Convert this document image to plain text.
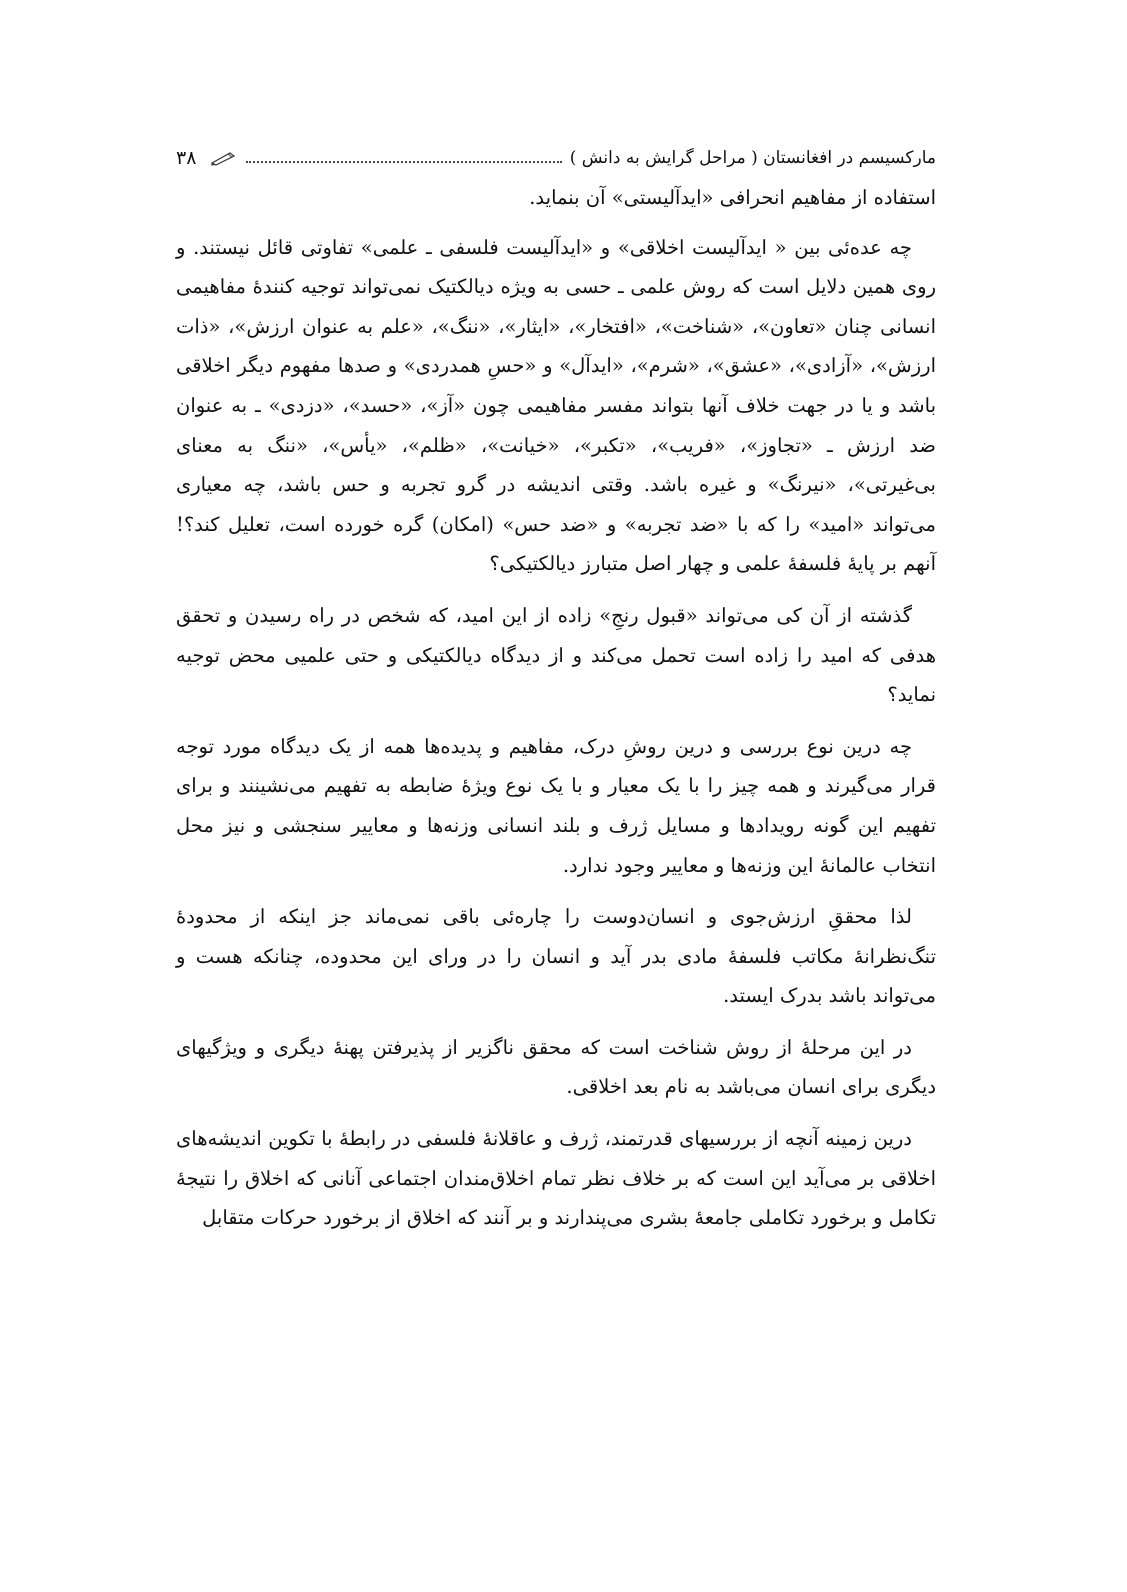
مارکسیسم در افغانستان ( مراحل گرایش به دانش )
۳۸

استفاده از مفاهیم انحرافی «ایدآلیستی» آن بنماید.

چه عده‌ئی بین « ایدآلیست اخلاقی» و «ایدآلیست فلسفی ـ علمی» تفاوتی قائل نیستند. و روی همین دلایل است که روش علمی ـ حسی به ویژه دیالکتیک نمی‌تواند توجیه کنندهٔ مفاهیمی انسانی چنان «تعاون»، «شناخت»، «افتخار»، «ایثار»، «ننگ»، «علم به عنوان ارزش»، «ذات ارزش»، «آزادی»، «عشق»، «شرم»، «ایدآل» و «حسِ همدردی» و صدها مفهوم دیگر اخلاقی باشد و یا در جهت خلاف آنها بتواند مفسر مفاهیمی چون «آز»، «حسد»، «دزدی» ـ به عنوان ضد ارزش ـ «تجاوز»، «فریب»، «تکبر»، «خیانت»، «ظلم»، «یأس»، «ننگ به معنای بی‌غیرتی»، «نیرنگ» و غیره باشد. وقتی اندیشه در گرو تجربه و حس باشد، چه معیاری می‌تواند «امید» را که با «ضد تجربه» و «ضد حس» (امکان) گره خورده است، تعلیل کند؟! آنهم بر پایهٔ فلسفهٔ علمی و چهار اصل متبارز دیالکتیکی؟

گذشته از آن کی می‌تواند «قبول رنجِ» زاده از این امید، که شخص در راه رسیدن و تحقق هدفی که امید را زاده است تحمل می‌کند و از دیدگاه دیالکتیکی و حتی علمیی محض توجیه نماید؟

چه درین نوع بررسی و درین روشِ درک، مفاهیم و پدیده‌ها همه از یک دیدگاه مورد توجه قرار می‌گیرند و همه چیز را با یک معیار و با یک نوع ویژهٔ ضابطه به تفهیم می‌نشینند و برای تفهیم این گونه رویدادها و مسایل ژرف و بلند انسانی وزنه‌ها و معاییر سنجشی و نیز محل انتخاب عالمانهٔ این وزنه‌ها و معاییر وجود ندارد.

لذا محققِ ارزش‌جوی و انسان‌دوست را چاره‌ئی باقی نمی‌ماند جز اینکه از محدودهٔ تنگ‌نظرانهٔ مکاتب فلسفهٔ مادی بدر آید و انسان را در ورای این محدوده، چنانکه هست و می‌تواند باشد بدرک ایستد.

در این مرحلهٔ از روش شناخت است که محقق ناگزیر از پذیرفتن پهنهٔ دیگری و ویژگیهای دیگری برای انسان می‌باشد به نام بعد اخلاقی.

درین زمینه آنچه از بررسیهای قدرتمند، ژرف و عاقلانهٔ فلسفی در رابطهٔ با تکوین اندیشه‌های اخلاقی بر می‌آید این است که بر خلاف نظر تمام اخلاق‌مندان اجتماعی آنانی که اخلاق را نتیجهٔ تکامل و برخورد تکاملی جامعهٔ بشری می‌پندارند و بر آنند که اخلاق از برخورد حرکات متقابل
